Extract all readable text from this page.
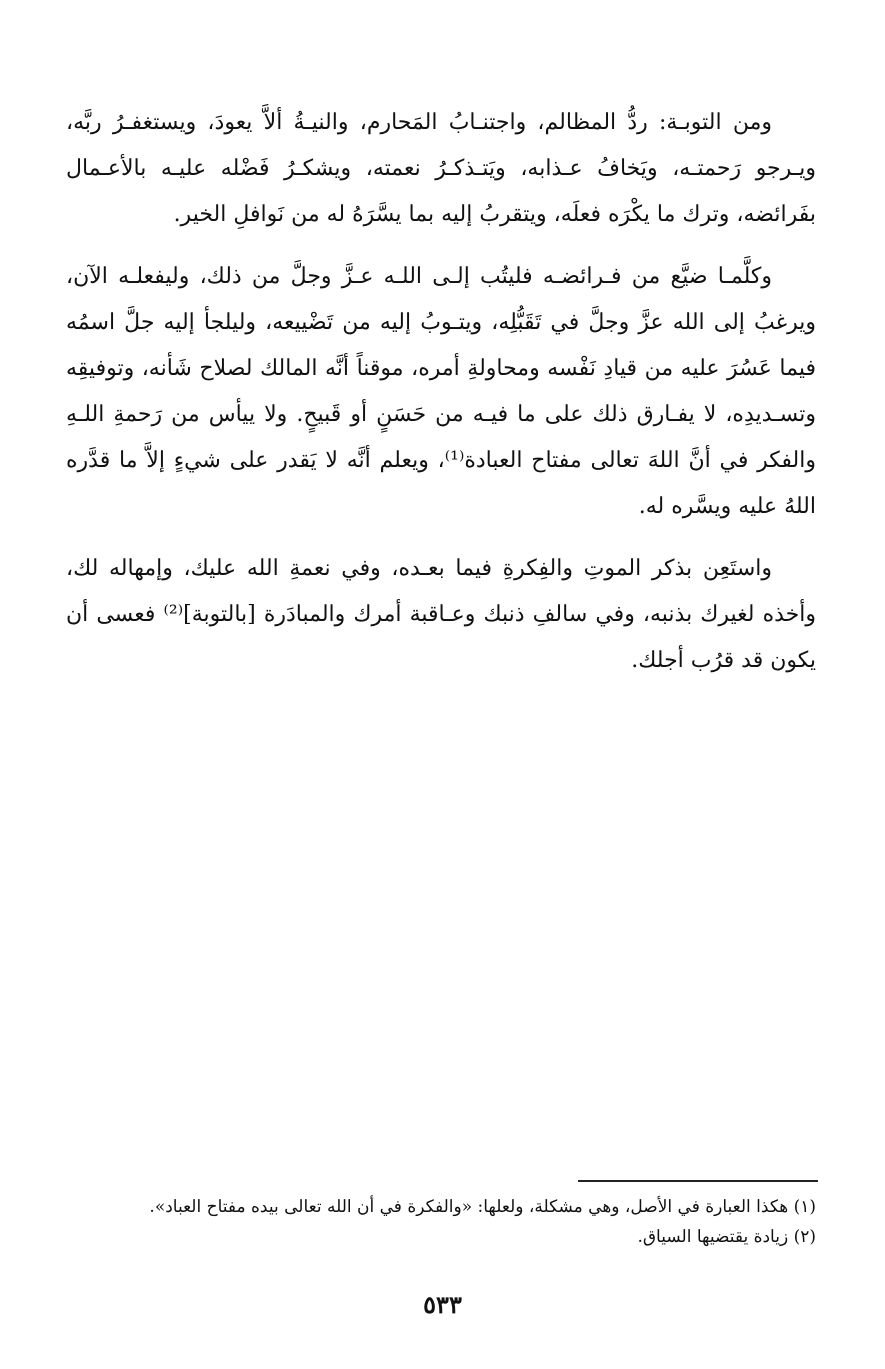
ومن التوبـة: ردُّ المظالم، واجتنـابُ المَحارم، والنيـةُ ألاَّ يعودَ، ويستغفـرُ ربَّه، ويـرجو رَحمتـه، ويَخافُ عـذابه، ويَتـذكـرُ نعمته، ويشكـرُ فَضْله عليـه بالأعـمال بفَرائضه، وترك ما يكْرَه فعلَه، ويتقربُ إليه بما يسَّرَهُ له من نَوافلِ الخير.

وكلَّمـا ضيَّع من فـرائضـه فليتُب إلـى اللـه عـزَّ وجلَّ من ذلك، وليفعلـه الآن، ويرغبُ إلى الله عزَّ وجلَّ في تَقَبُّلِه، ويتـوبُ إليه من تَضْييعه، وليلجأ إليه جلَّ اسمُه فيما عَسُرَ عليه من قيادِ نَفْسه ومحاولةِ أمره، موقناً أنَّه المالك لصلاح شَأنه، وتوفيقِه وتسـديدِه، لا يفـارق ذلك على ما فيـه من حَسَنٍ أو قَبيحٍ. ولا ييأس من رَحمةِ اللـهِ والفكر في أنَّ اللهَ تعالى مفتاح العبادة⁽¹⁾، ويعلم أنَّه لا يَقدر على شيءٍ إلاَّ ما قدَّره اللهُ عليه ويسَّره له.

واستَعِن بذكر الموتِ والفِكرةِ فيما بعـده، وفي نعمةِ الله عليك، وإمهاله لك، وأخذه لغيرك بذنبه، وفي سالفِ ذنبك وعـاقبة أمرك والمبادَرة [بالتوبة]⁽²⁾ فعسى أن يكون قد قرُب أجلك.

(١) هكذا العبارة في الأصل، وهي مشكلة، ولعلها: «والفكرة في أن الله تعالى بيده مفتاح العباد».

(٢) زيادة يقتضيها السياق.

٥٣٣
